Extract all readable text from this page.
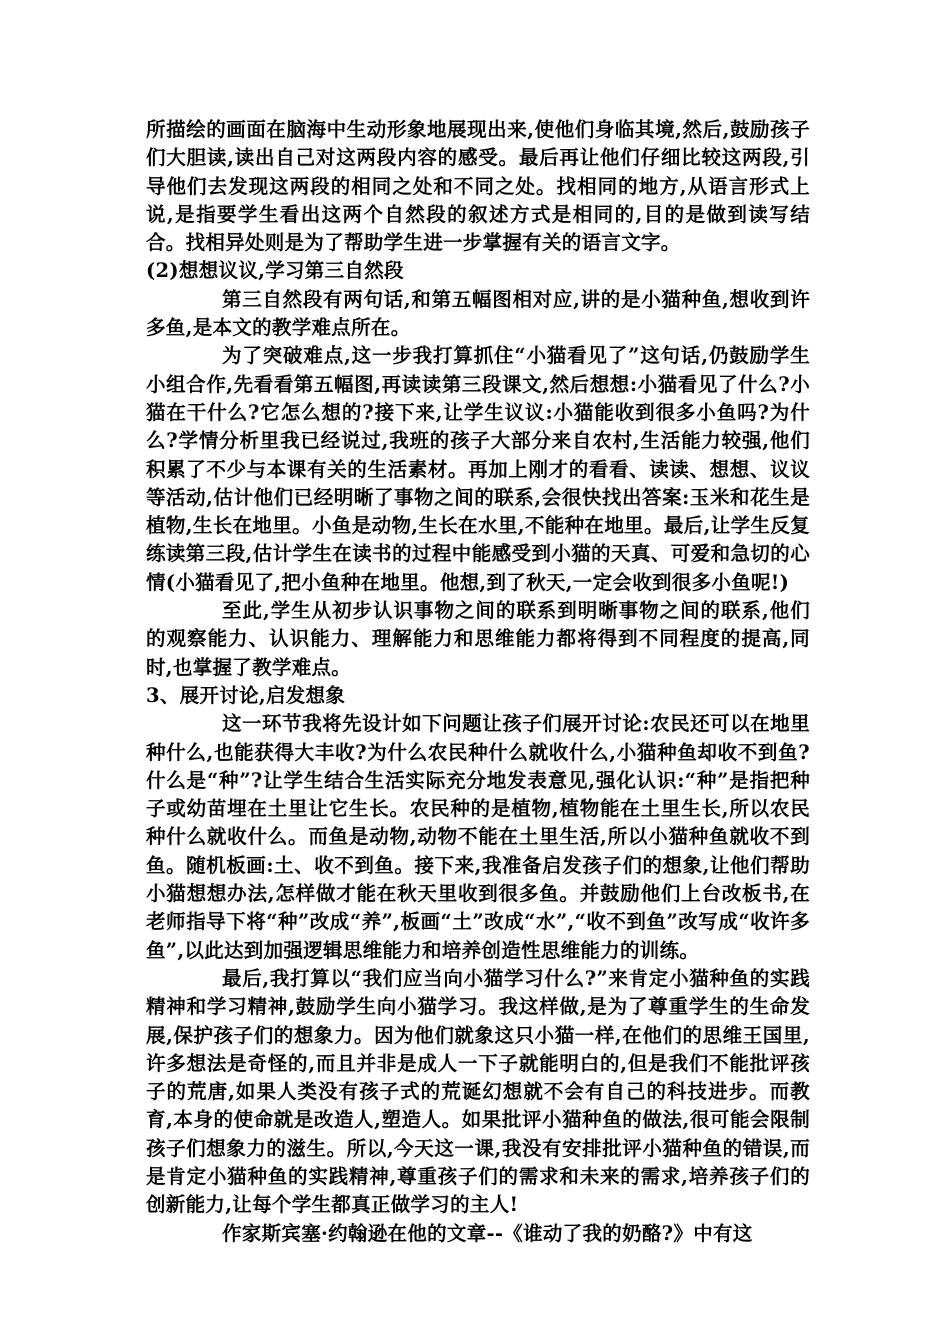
所描绘的画面在脑海中生动形象地展现出来,使他们身临其境,然后,鼓励孩子们大胆读,读出自己对这两段内容的感受。最后再让他们仔细比较这两段,引导他们去发现这两段的相同之处和不同之处。找相同的地方,从语言形式上说,是指要学生看出这两个自然段的叙述方式是相同的,目的是做到读写结合。找相异处则是为了帮助学生进一步掌握有关的语言文字。

(2)想想议议,学习第三自然段

第三自然段有两句话,和第五幅图相对应,讲的是小猫种鱼,想收到许多鱼,是本文的教学难点所在。

为了突破难点,这一步我打算抓住“小猫看见了”这句话,仍鼓励学生小组合作,先看看第五幅图,再读读第三段课文,然后想想:小猫看见了什么?小猫在干什么?它怎么想的?接下来,让学生议议:小猫能收到很多小鱼吗?为什么?学情分析里我已经说过,我班的孩子大部分来自农村,生活能力较强,他们积累了不少与本课有关的生活素材。再加上刚才的看看、读读、想想、议议等活动,估计他们已经明晰了事物之间的联系,会很快找出答案:玉米和花生是植物,生长在地里。小鱼是动物,生长在水里,不能种在地里。最后,让学生反复练读第三段,估计学生在读书的过程中能感受到小猫的天真、可爱和急切的心情(小猫看见了,把小鱼种在地里。他想,到了秋天,一定会收到很多小鱼呢!)

至此,学生从初步认识事物之间的联系到明晰事物之间的联系,他们的观察能力、认识能力、理解能力和思维能力都将得到不同程度的提高,同时,也掌握了教学难点。

3、展开讨论,启发想象

这一环节我将先设计如下问题让孩子们展开讨论:农民还可以在地里种什么,也能获得大丰收?为什么农民种什么就收什么,小猫种鱼却收不到鱼?什么是“种”?让学生结合生活实际充分地发表意见,强化认识:“种”是指把种子或幼苗埋在土里让它生长。农民种的是植物,植物能在土里生长,所以农民种什么就收什么。而鱼是动物,动物不能在土里生活,所以小猫种鱼就收不到鱼。随机板画:土、收不到鱼。接下来,我准备启发孩子们的想象,让他们帮助小猫想想办法,怎样做才能在秋天里收到很多鱼。并鼓励他们上台改板书,在老师指导下将“种”改成“养”,板画“土”改成“水”,“收不到鱼”改写成“收许多鱼”,以此达到加强逻辑思维能力和培养创造性思维能力的训练。

最后,我打算以“我们应当向小猫学习什么?”来肯定小猫种鱼的实践精神和学习精神,鼓励学生向小猫学习。我这样做,是为了尊重学生的生命发展,保护孩子们的想象力。因为他们就象这只小猫一样,在他们的思维王国里,许多想法是奇怪的,而且并非是成人一下子就能明白的,但是我们不能批评孩子的荒唐,如果人类没有孩子式的荒诞幻想就不会有自己的科技进步。而教育,本身的使命就是改造人,塑造人。如果批评小猫种鱼的做法,很可能会限制孩子们想象力的滋生。所以,今天这一课,我没有安排批评小猫种鱼的错误,而是肯定小猫种鱼的实践精神,尊重孩子们的需求和未来的需求,培养孩子们的创新能力,让每个学生都真正做学习的主人!

作家斯宾塞·约翰逊在他的文章--《谁动了我的奶酪?》中有这
